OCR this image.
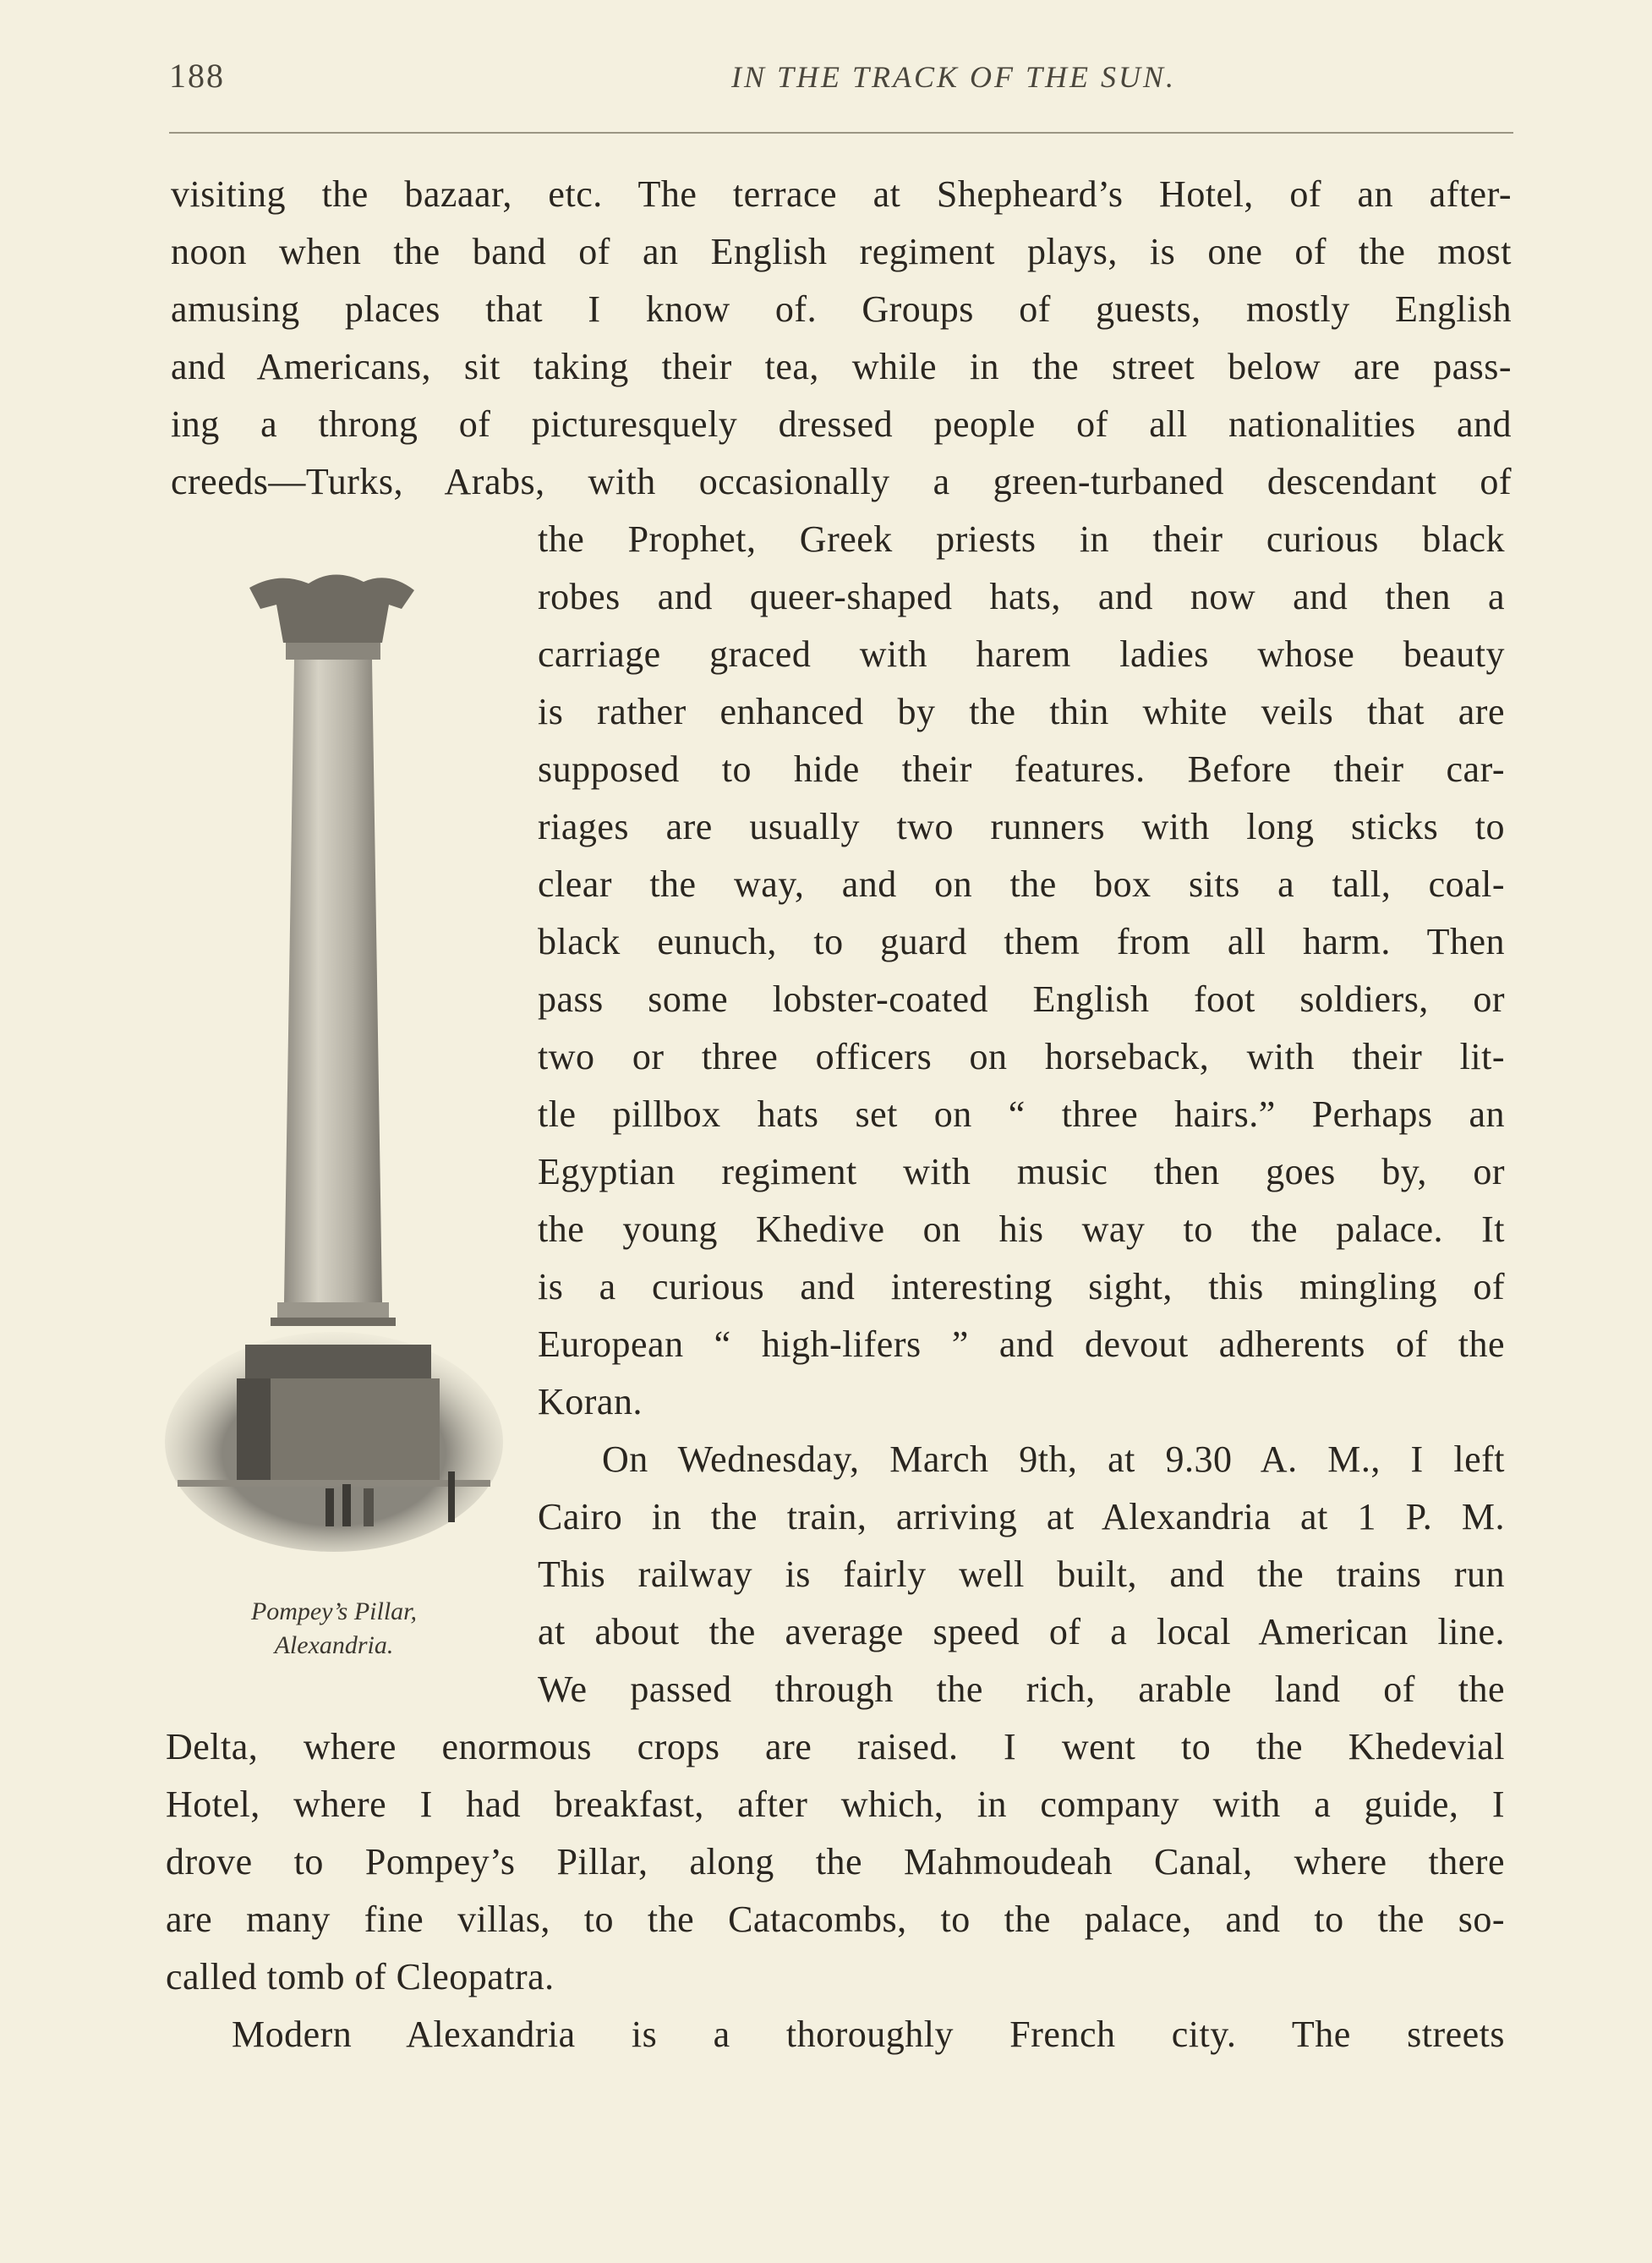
188	IN THE TRACK OF THE SUN.
visiting the bazaar, etc. The terrace at Shepheard’s Hotel, of an after-
noon when the band of an English regiment plays, is one of the most
amusing places that I know of. Groups of guests, mostly English
and Americans, sit taking their tea, while in the street below are pass-
ing a throng of picturesquely dressed people of all nationalities and
creeds—Turks, Arabs, with occasionally a green-turbaned descendant of
the Prophet, Greek priests in their curious black
robes and queer-shaped hats, and now and then a
carriage graced with harem ladies whose beauty
is rather enhanced by the thin white veils that are
supposed to hide their features. Before their car-
riages are usually two runners with long sticks to
clear the way, and on the box sits a tall, coal-
black eunuch, to guard them from all harm. Then
pass some lobster-coated English foot soldiers, or
two or three officers on horseback, with their lit-
tle pillbox hats set on “ three hairs.” Perhaps an
Egyptian regiment with music then goes by, or
the young Khedive on his way to the palace. It
is a curious and interesting sight, this mingling of
European “ high-lifers ” and devout adherents of the
Koran.
On Wednesday, March 9th, at 9.30 A. M., I left
Cairo in the train, arriving at Alexandria at 1 P. M.
This railway is fairly well built, and the trains run
at about the average speed of a local American line.
We passed through the rich, arable land of the
Delta, where enormous crops are raised. I went to the Khedevial
Hotel, where I had breakfast, after which, in company with a guide, I
drove to Pompey’s Pillar, along the Mahmoudeah Canal, where there
are many fine villas, to the Catacombs, to the palace, and to the so-
called tomb of Cleopatra.
Modern Alexandria is a thoroughly French city. The streets
Pompey’s Pillar,
Alexandria.
